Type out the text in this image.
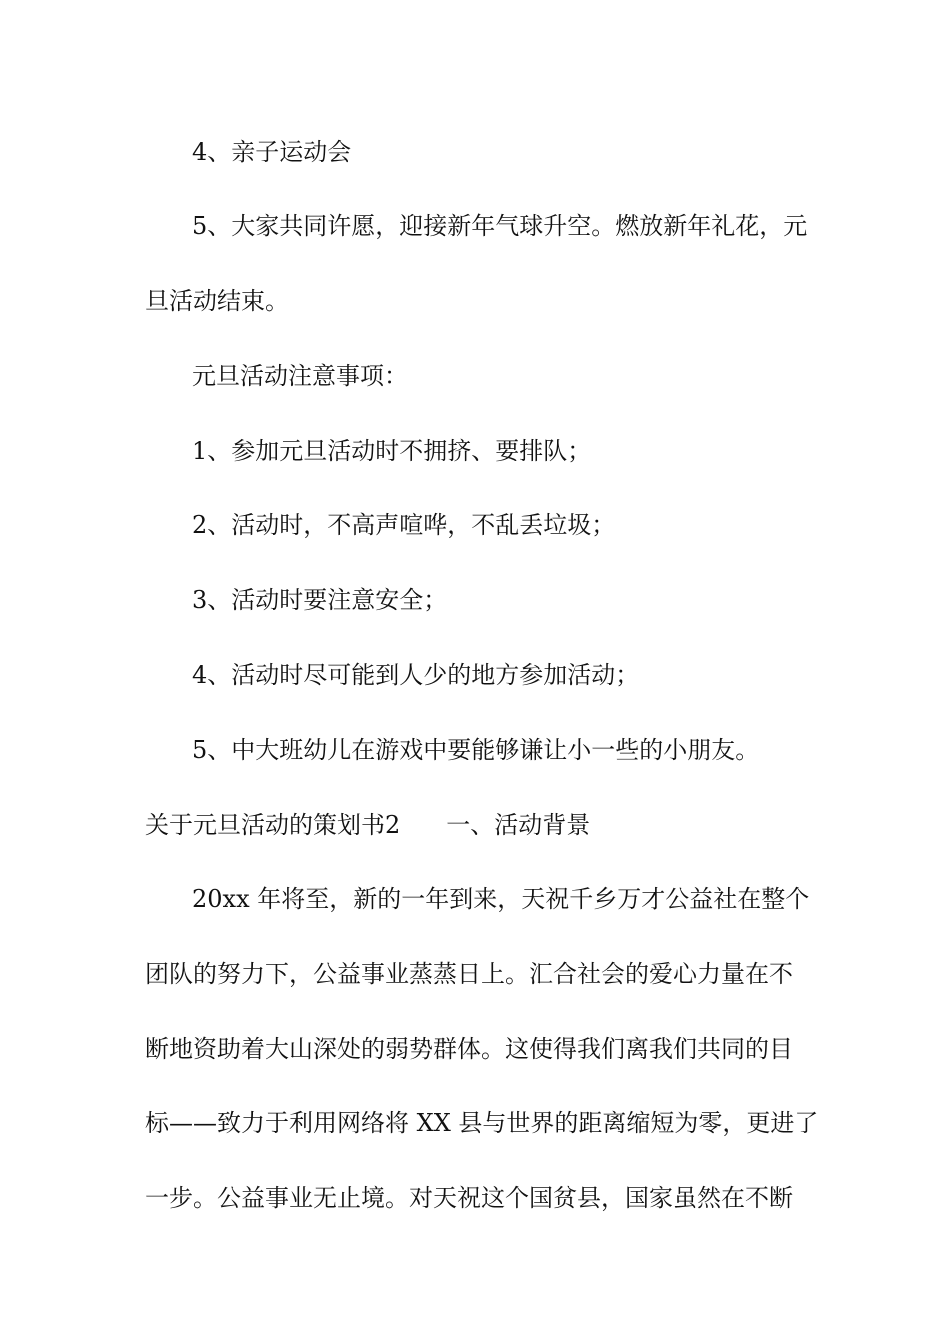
4、亲子运动会
5、大家共同许愿，迎接新年气球升空。燃放新年礼花，元
旦活动结束。
元旦活动注意事项：
1、参加元旦活动时不拥挤、要排队；
2、活动时，不高声喧哗，不乱丢垃圾；
3、活动时要注意安全；
4、活动时尽可能到人少的地方参加活动；
5、中大班幼儿在游戏中要能够谦让小一些的小朋友。
关于元旦活动的策划书2 一、活动背景
20xx 年将至，新的一年到来，天祝千乡万才公益社在整个
团队的努力下，公益事业蒸蒸日上。汇合社会的爱心力量在不
断地资助着大山深处的弱势群体。这使得我们离我们共同的目
标——致力于利用网络将 XX 县与世界的距离缩短为零，更进了
一步。公益事业无止境。对天祝这个国贫县，国家虽然在不断
